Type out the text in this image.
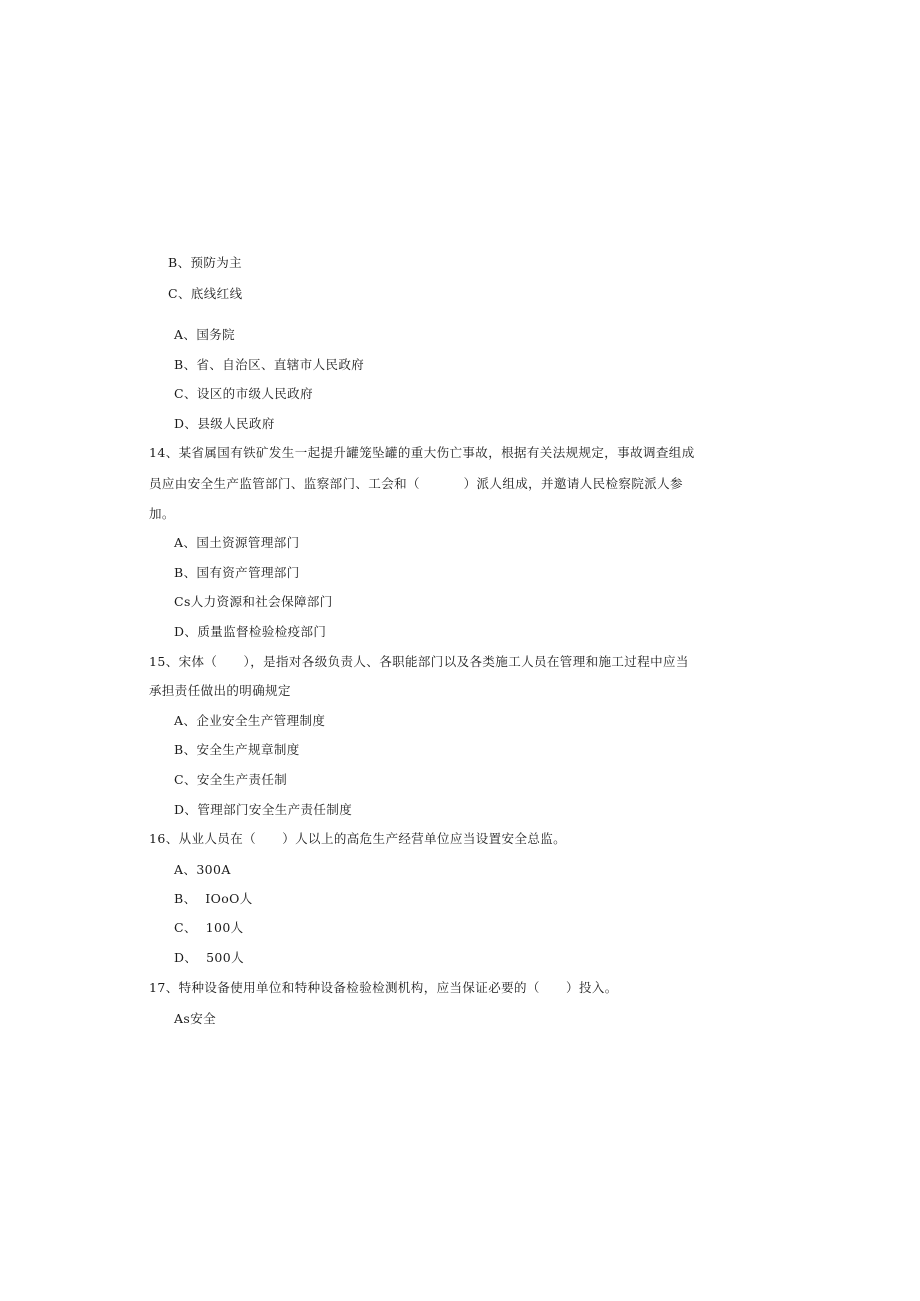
B、预防为主
C、底线红线
A、国务院
B、省、自治区、直辖市人民政府
C、设区的市级人民政府
D、县级人民政府
14、某省属国有铁矿发生一起提升罐笼坠罐的重大伤亡事故，根据有关法规规定，事故调查组成
员应由安全生产监管部门、监察部门、工会和（          ）派人组成，并邀请人民检察院派人参
加。
A、国土资源管理部门
B、国有资产管理部门
Cs人力资源和社会保障部门
D、质量监督检验检疫部门
15、宋体（      ），是指对各级负责人、各职能部门以及各类施工人员在管理和施工过程中应当
承担责任做出的明确规定
A、企业安全生产管理制度
B、安全生产规章制度
C、安全生产责任制
D、管理部门安全生产责任制度
16、从业人员在（      ）人以上的高危生产经营单位应当设置安全总监。
A、300A
B、  IOoO人
C、  100人
D、  500人
17、特种设备使用单位和特种设备检验检测机构，应当保证必要的（      ）投入。
As安全
